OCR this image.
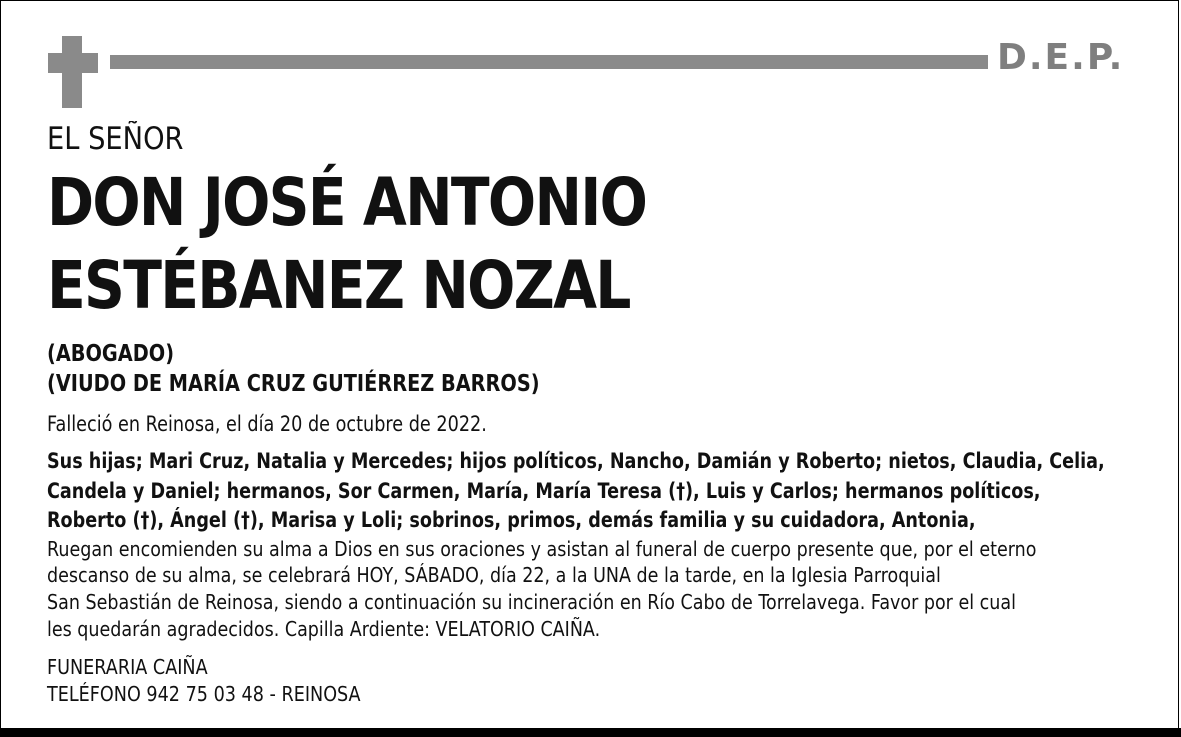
D.E.P.
EL SEÑOR
DON JOSÉ ANTONIO
ESTÉBANEZ NOZAL
(ABOGADO)
(VIUDO DE MARÍA CRUZ GUTIÉRREZ BARROS)
Falleció en Reinosa, el día 20 de octubre de 2022.
Sus hijas; Mari Cruz, Natalia y Mercedes; hijos políticos, Nancho, Damián y Roberto; nietos, Claudia, Celia,
Candela y Daniel; hermanos, Sor Carmen, María, María Teresa (†), Luis y Carlos; hermanos políticos,
Roberto (†), Ángel (†), Marisa y Loli; sobrinos, primos, demás familia y su cuidadora, Antonia,
Ruegan encomienden su alma a Dios en sus oraciones y asistan al funeral de cuerpo presente que, por el eterno
descanso de su alma, se celebrará HOY, SÁBADO, día 22, a la UNA de la tarde, en la Iglesia Parroquial
San Sebastián de Reinosa, siendo a continuación su incineración en Río Cabo de Torrelavega. Favor por el cual
les quedarán agradecidos. Capilla Ardiente: VELATORIO CAIÑA.
FUNERARIA CAIÑA
TELÉFONO 942 75 03 48 - REINOSA
